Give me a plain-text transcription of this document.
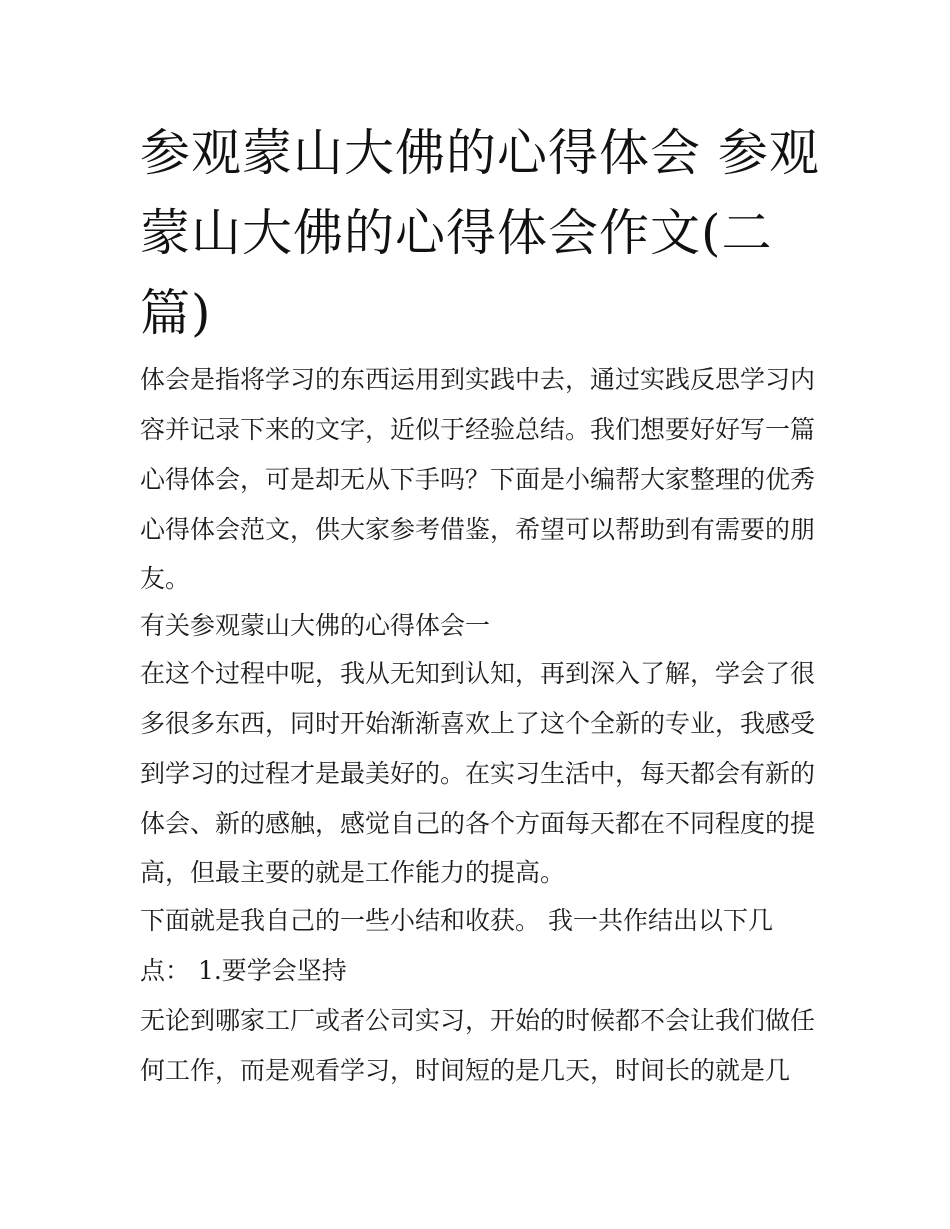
参观蒙山大佛的心得体会 参观
蒙山大佛的心得体会作文(二
篇)
体会是指将学习的东西运用到实践中去，通过实践反思学习内
容并记录下来的文字，近似于经验总结。我们想要好好写一篇
心得体会，可是却无从下手吗？下面是小编帮大家整理的优秀
心得体会范文，供大家参考借鉴，希望可以帮助到有需要的朋
友。
有关参观蒙山大佛的心得体会一
在这个过程中呢，我从无知到认知，再到深入了解，学会了很
多很多东西，同时开始渐渐喜欢上了这个全新的专业，我感受
到学习的过程才是最美好的。在实习生活中，每天都会有新的
体会、新的感触，感觉自己的各个方面每天都在不同程度的提
高，但最主要的就是工作能力的提高。
下面就是我自己的一些小结和收获。 我一共作结出以下几
点： 1.要学会坚持
无论到哪家工厂或者公司实习，开始的时候都不会让我们做任
何工作，而是观看学习，时间短的是几天，时间长的就是几
